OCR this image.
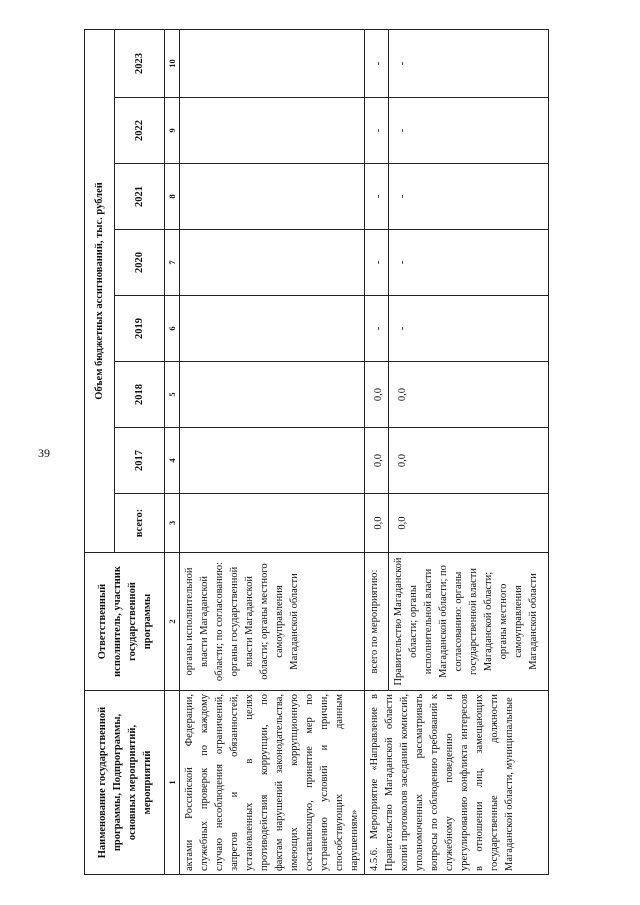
39
Наименование государственной программы, Подпрограммы, основных мероприятий, мероприятий	Ответственный исполнитель, участник государственной программы	Объем бюджетных ассигнований, тыс. рублей							
		всего:	2017	2018	2019	2020	2021	2022	2023
1	2	3	4	5	6	7	8	9	10
актами Российской Федерации, служебных проверок по каждому случаю несоблюдения ограничений, запретов и обязанностей, установленных в целях противодействия коррупции, по фактам нарушений законодательства, имеющих коррупционную составляющую, принятие мер по устранению условий и причин, способствующих данным нарушениям»	органы исполнительной власти Магаданской области; по согласованию: органы государственной власти Магаданской области; органы местного самоуправления Магаданской области								
4.5.6. Мероприятие «Направление в Правительство Магаданской области копий протоколов заседаний комиссий, уполномоченных рассматривать вопросы по соблюдению требований к служебному поведению и урегулированию конфликта интересов в отношении лиц, замещающих государственные должности Магаданской области, муниципальные	всего по мероприятию:	0,0	0,0	0,0	-	-	-	-	-
	Правительство Магаданской области; органы исполнительной власти Магаданской области; по согласованию: органы государственной власти Магаданской области; органы местного самоуправления Магаданской области	0,0	0,0	0,0	-	-	-	-	-
